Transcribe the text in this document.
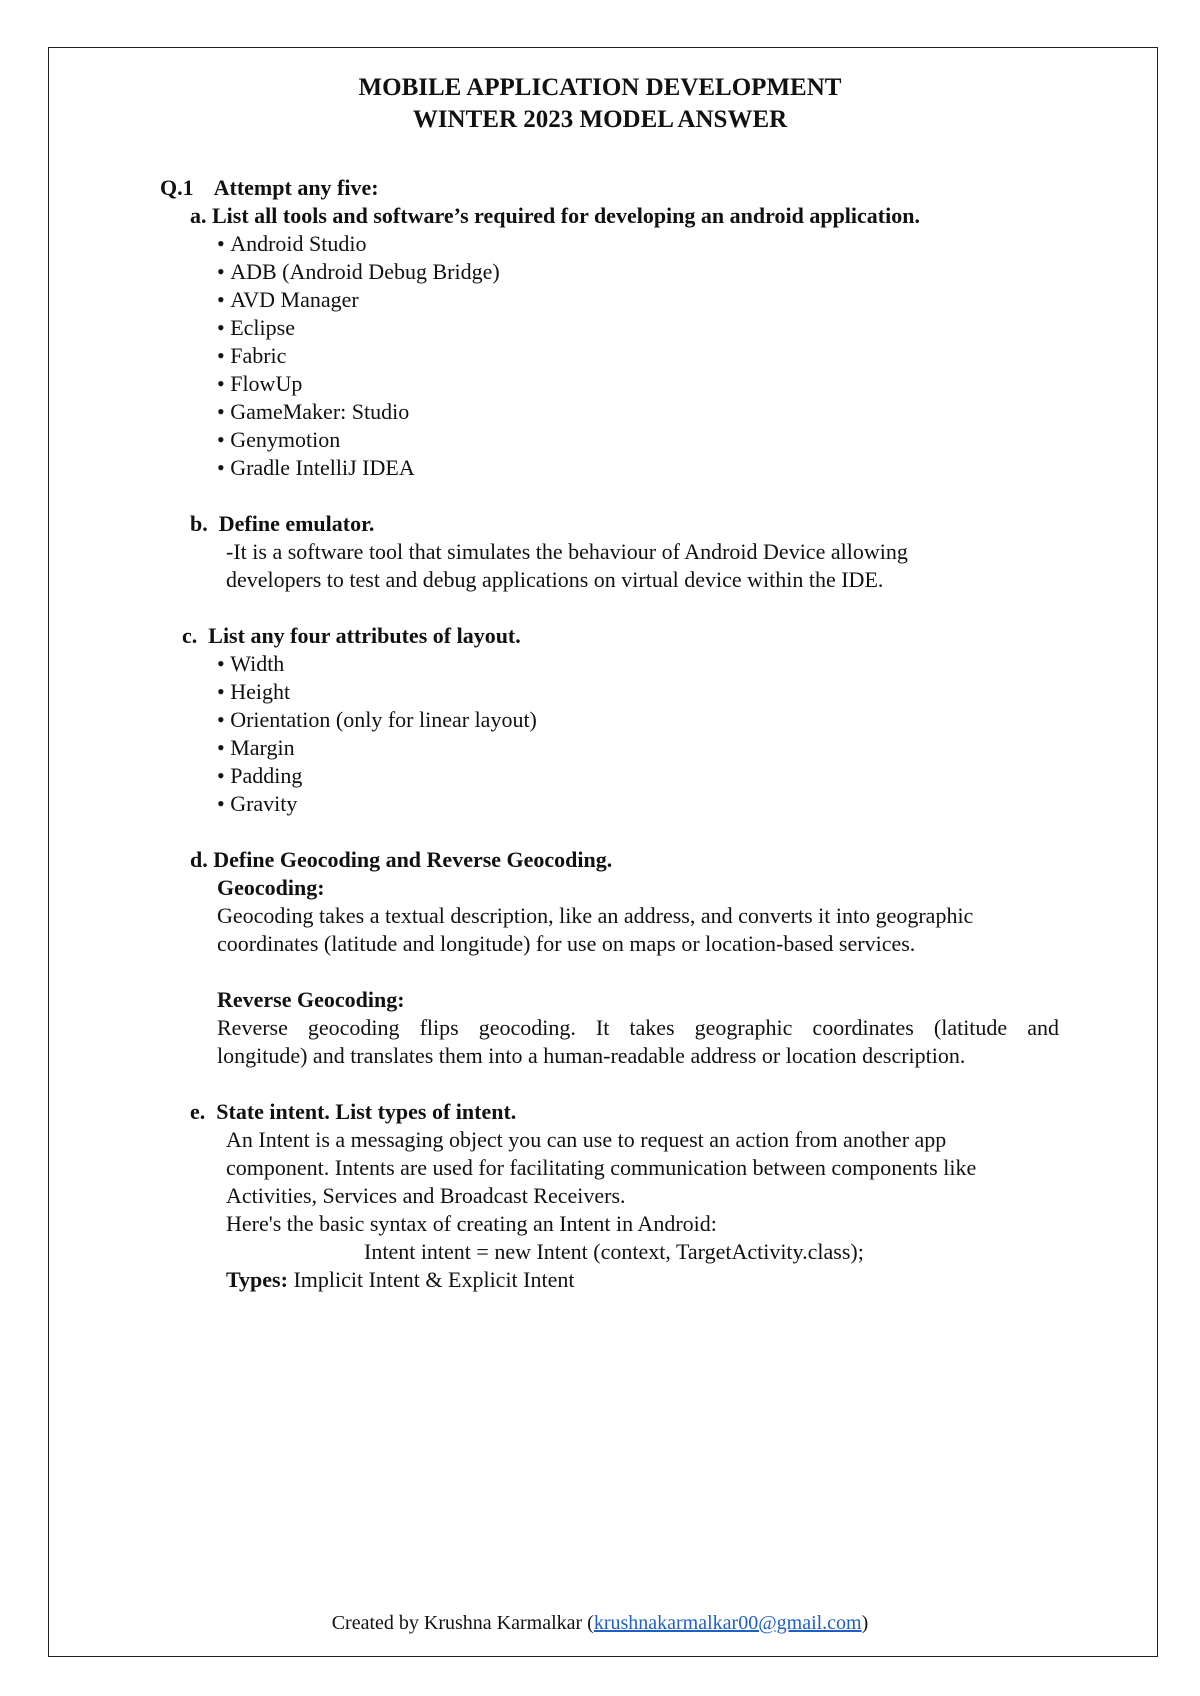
MOBILE APPLICATION DEVELOPMENT
WINTER 2023 MODEL ANSWER
Q.1 Attempt any five:
a. List all tools and software’s required for developing an android application.
• Android Studio
• ADB (Android Debug Bridge)
• AVD Manager
• Eclipse
• Fabric
• FlowUp
• GameMaker: Studio
• Genymotion
• Gradle IntelliJ IDEA
b. Define emulator.
-It is a software tool that simulates the behaviour of Android Device allowing
developers to test and debug applications on virtual device within the IDE.
c. List any four attributes of layout.
• Width
• Height
• Orientation (only for linear layout)
• Margin
• Padding
• Gravity
d. Define Geocoding and Reverse Geocoding.
Geocoding:
Geocoding takes a textual description, like an address, and converts it into geographic
coordinates (latitude and longitude) for use on maps or location-based services.
Reverse Geocoding:
Reverse geocoding flips geocoding. It takes geographic coordinates (latitude and
longitude) and translates them into a human-readable address or location description.
e. State intent. List types of intent.
An Intent is a messaging object you can use to request an action from another app
component. Intents are used for facilitating communication between components like
Activities, Services and Broadcast Receivers.
Here's the basic syntax of creating an Intent in Android:
Intent intent = new Intent (context, TargetActivity.class);
Types: Implicit Intent & Explicit Intent
Created by Krushna Karmalkar (krushnakarmalkar00@gmail.com)
